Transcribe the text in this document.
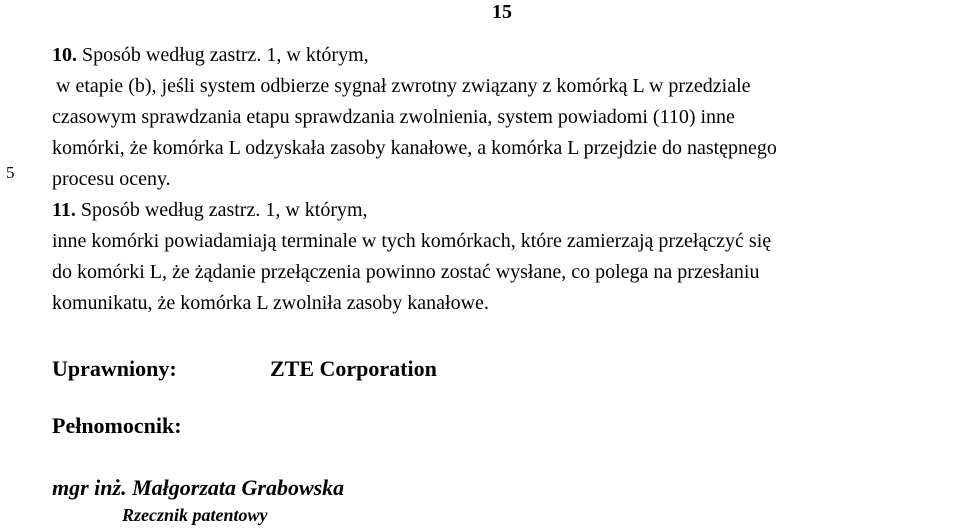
15
5
10. Sposób według zastrz. 1, w którym,
w etapie (b), jeśli system odbierze sygnał zwrotny związany z komórką L w przedziale
czasowym sprawdzania etapu sprawdzania zwolnienia, system powiadomi (110) inne
komórki, że komórka L odzyskała zasoby kanałowe, a komórka L przejdzie do następnego
procesu oceny.
11. Sposób według zastrz. 1, w którym,
inne komórki powiadamiają terminale w tych komórkach, które zamierzają przełączyć się
do komórki L, że żądanie przełączenia powinno zostać wysłane, co polega na przesłaniu
komunikatu, że komórka L zwolniła zasoby kanałowe.
Uprawniony:	ZTE Corporation
Pełnomocnik:
mgr inż. Małgorzata Grabowska
Rzecznik patentowy
